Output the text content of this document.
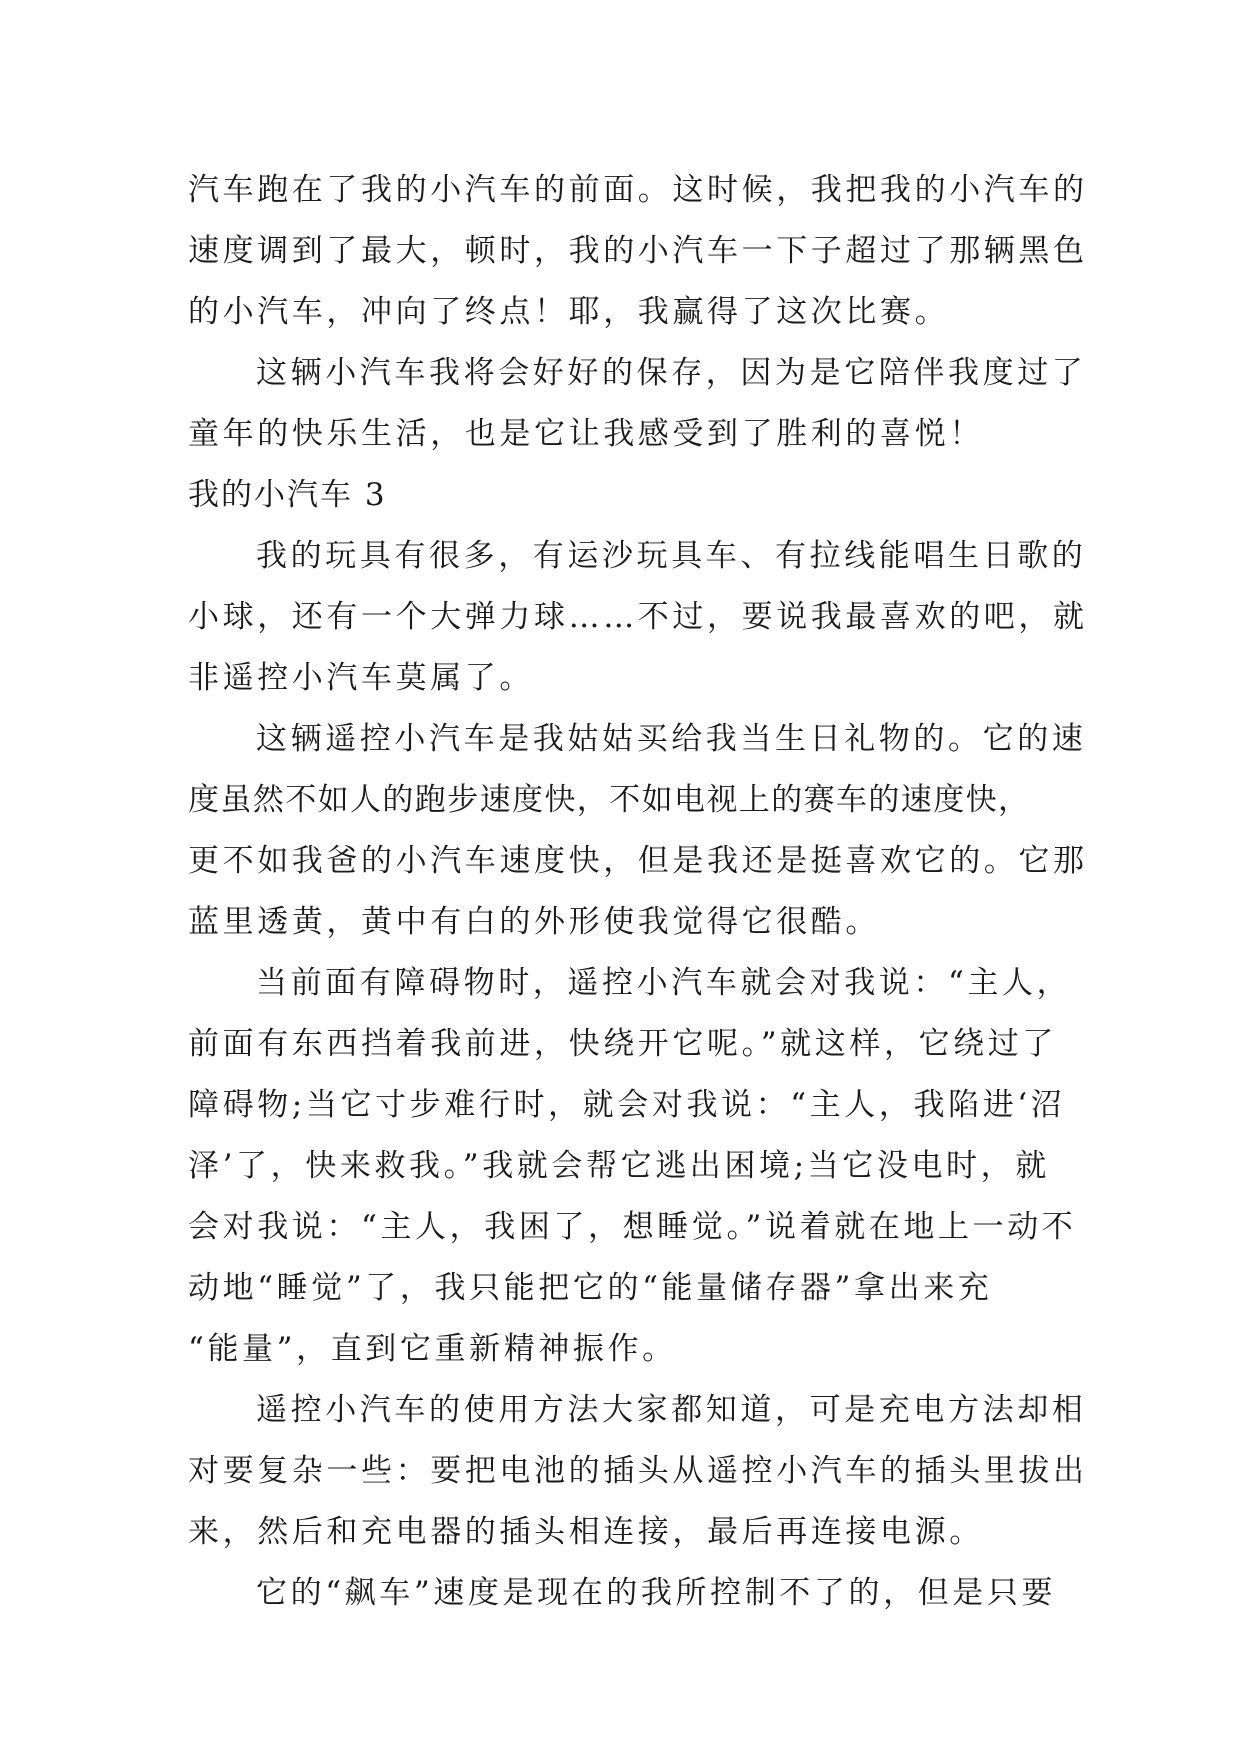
汽车跑在了我的小汽车的前面。这时候，我把我的小汽车的
速度调到了最大，顿时，我的小汽车一下子超过了那辆黑色
的小汽车，冲向了终点！耶，我赢得了这次比赛。
这辆小汽车我将会好好的保存，因为是它陪伴我度过了
童年的快乐生活，也是它让我感受到了胜利的喜悦！
我的小汽车 3
我的玩具有很多，有运沙玩具车、有拉线能唱生日歌的
小球，还有一个大弹力球……不过，要说我最喜欢的吧，就
非遥控小汽车莫属了。
这辆遥控小汽车是我姑姑买给我当生日礼物的。它的速
度虽然不如人的跑步速度快，不如电视上的赛车的速度快，
更不如我爸的小汽车速度快，但是我还是挺喜欢它的。它那
蓝里透黄，黄中有白的外形使我觉得它很酷。
当前面有障碍物时，遥控小汽车就会对我说：“主人，
前面有东西挡着我前进，快绕开它呢。”就这样，它绕过了
障碍物;当它寸步难行时，就会对我说：“主人，我陷进‘沼
泽’了，快来救我。”我就会帮它逃出困境;当它没电时，就
会对我说：“主人，我困了，想睡觉。”说着就在地上一动不
动地“睡觉”了，我只能把它的“能量储存器”拿出来充
“能量”，直到它重新精神振作。
遥控小汽车的使用方法大家都知道，可是充电方法却相
对要复杂一些：要把电池的插头从遥控小汽车的插头里拔出
来，然后和充电器的插头相连接，最后再连接电源。
它的“飙车”速度是现在的我所控制不了的，但是只要
